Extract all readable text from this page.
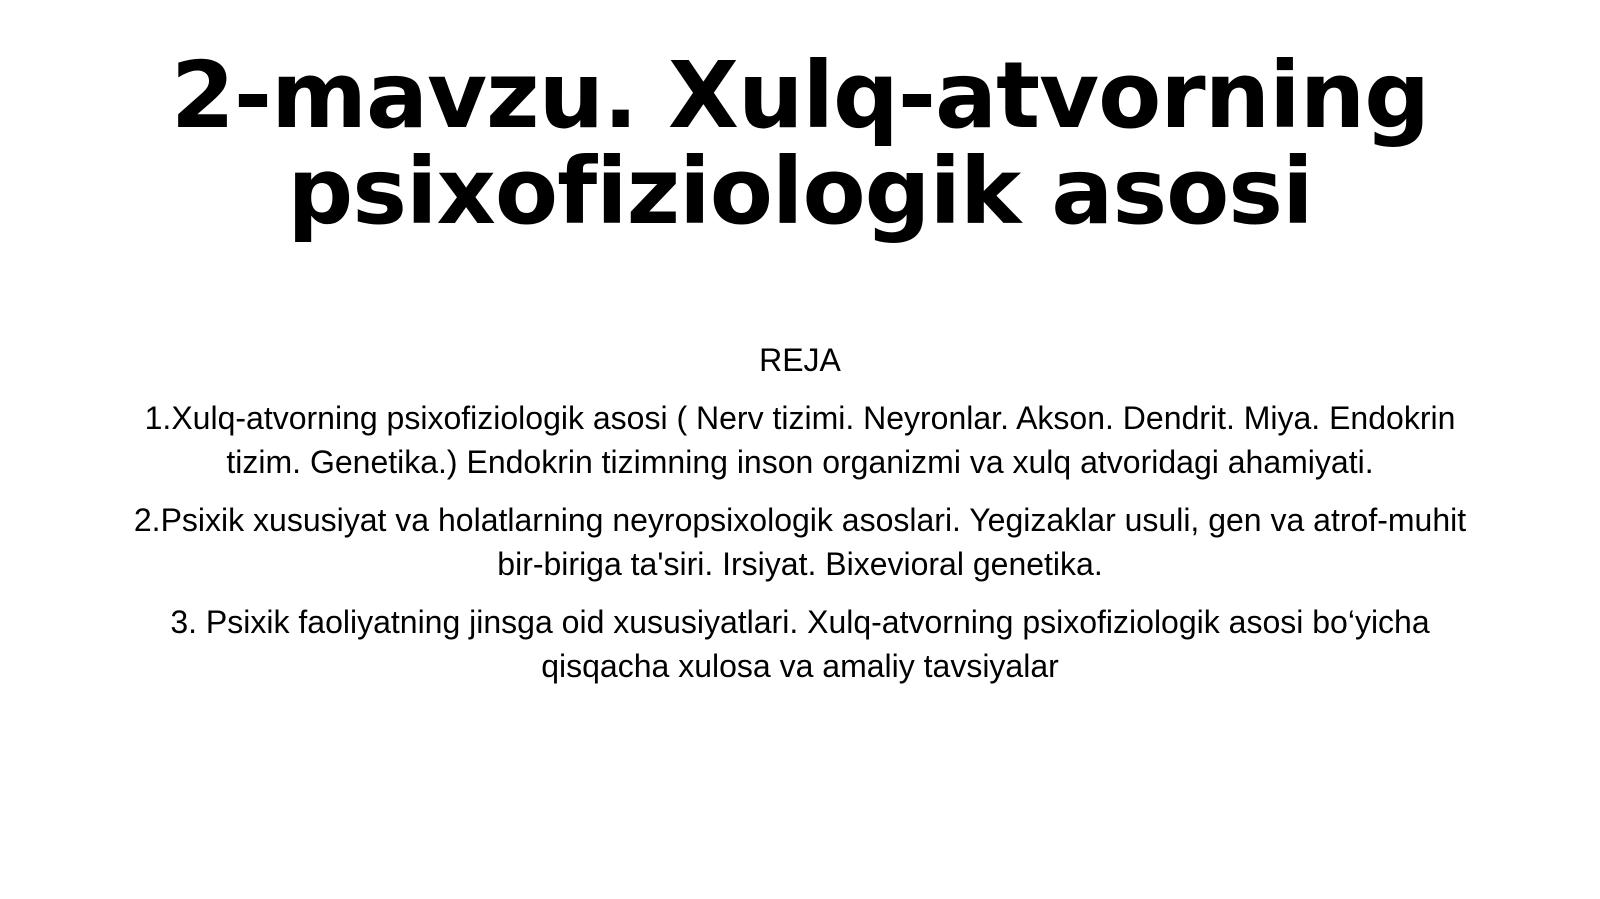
2-mavzu. Xulq-atvorning
psixofiziologik asosi
REJA

1.Xulq-atvorning psixofiziologik asosi ( Nerv tizimi. Neyronlar. Akson. Dendrit. Miya. Endokrin tizim. Genetika.) Endokrin tizimning inson organizmi va xulq atvoridagi ahamiyati.

2.Psixik xususiyat va holatlarning neyropsixologik asoslari. Yegizaklar usuli, gen va atrof-muhit bir-biriga ta'siri. Irsiyat. Bixevioral genetika.

3. Psixik faoliyatning jinsga oid xususiyatlari. Xulq-atvorning psixofiziologik asosi bo‘yicha qisqacha xulosa va amaliy tavsiyalar
